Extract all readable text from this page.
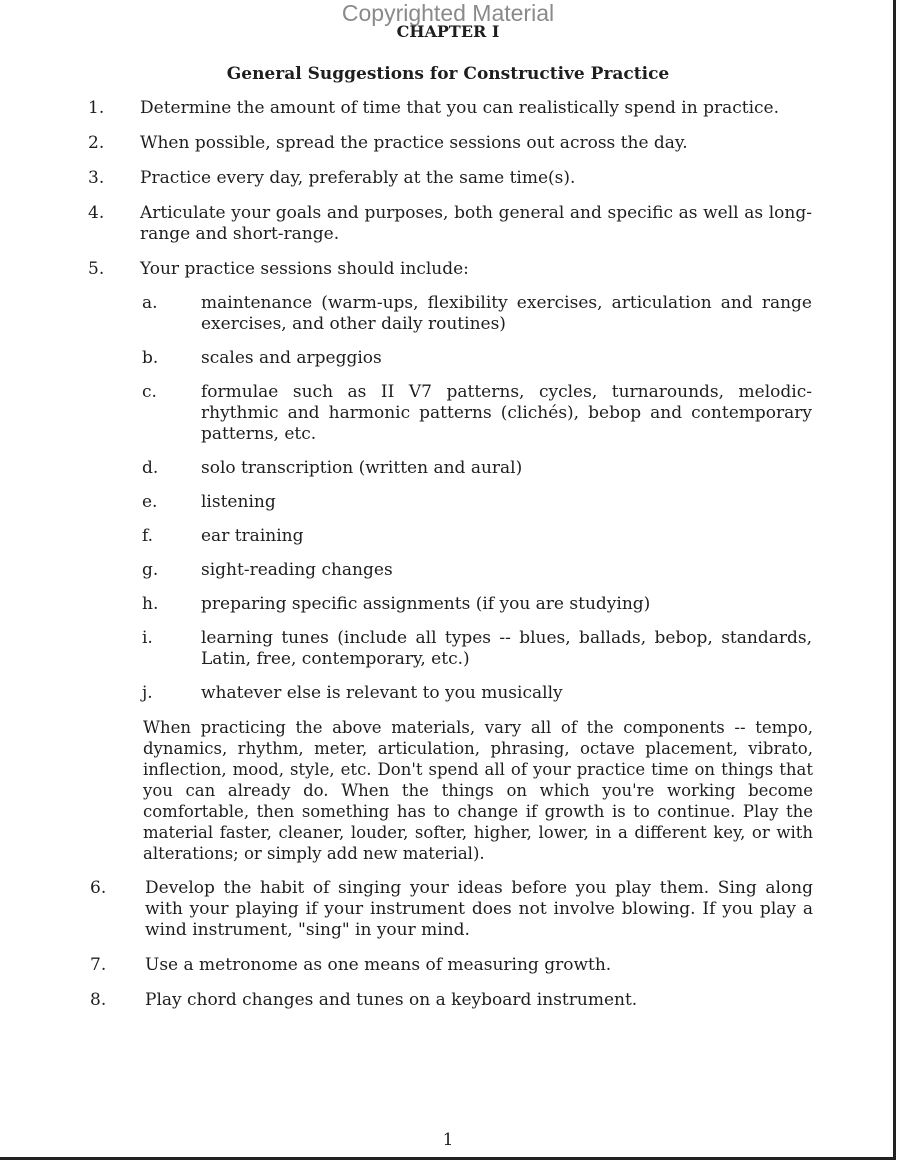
Copyrighted Material
CHAPTER I
General Suggestions for Constructive Practice
1. Determine the amount of time that you can realistically spend in practice.
2. When possible, spread the practice sessions out across the day.
3. Practice every day, preferably at the same time(s).
4. Articulate your goals and purposes, both general and specific as well as long-range and short-range.
5. Your practice sessions should include:
a.	maintenance (warm-ups, flexibility exercises, articulation and range exercises, and other daily routines)
b.	scales and arpeggios
c.	formulae such as II V7 patterns, cycles, turnarounds, melodic-rhythmic and harmonic patterns (clichés), bebop and contemporary patterns, etc.
d.	solo transcription (written and aural)
e.	listening
f.	ear training
g.	sight-reading changes
h.	preparing specific assignments (if you are studying)
i.	learning tunes (include all types -- blues, ballads, bebop, standards, Latin, free, contemporary, etc.)
j.	whatever else is relevant to you musically
When practicing the above materials, vary all of the components -- tempo, dynamics, rhythm, meter, articulation, phrasing, octave placement, vibrato, inflection, mood, style, etc. Don't spend all of your practice time on things that you can already do. When the things on which you're working become comfortable, then something has to change if growth is to continue. Play the material faster, cleaner, louder, softer, higher, lower, in a different key, or with alterations; or simply add new material).
6. Develop the habit of singing your ideas before you play them. Sing along with your playing if your instrument does not involve blowing. If you play a wind instrument, "sing" in your mind.
7. Use a metronome as one means of measuring growth.
8. Play chord changes and tunes on a keyboard instrument.
1
